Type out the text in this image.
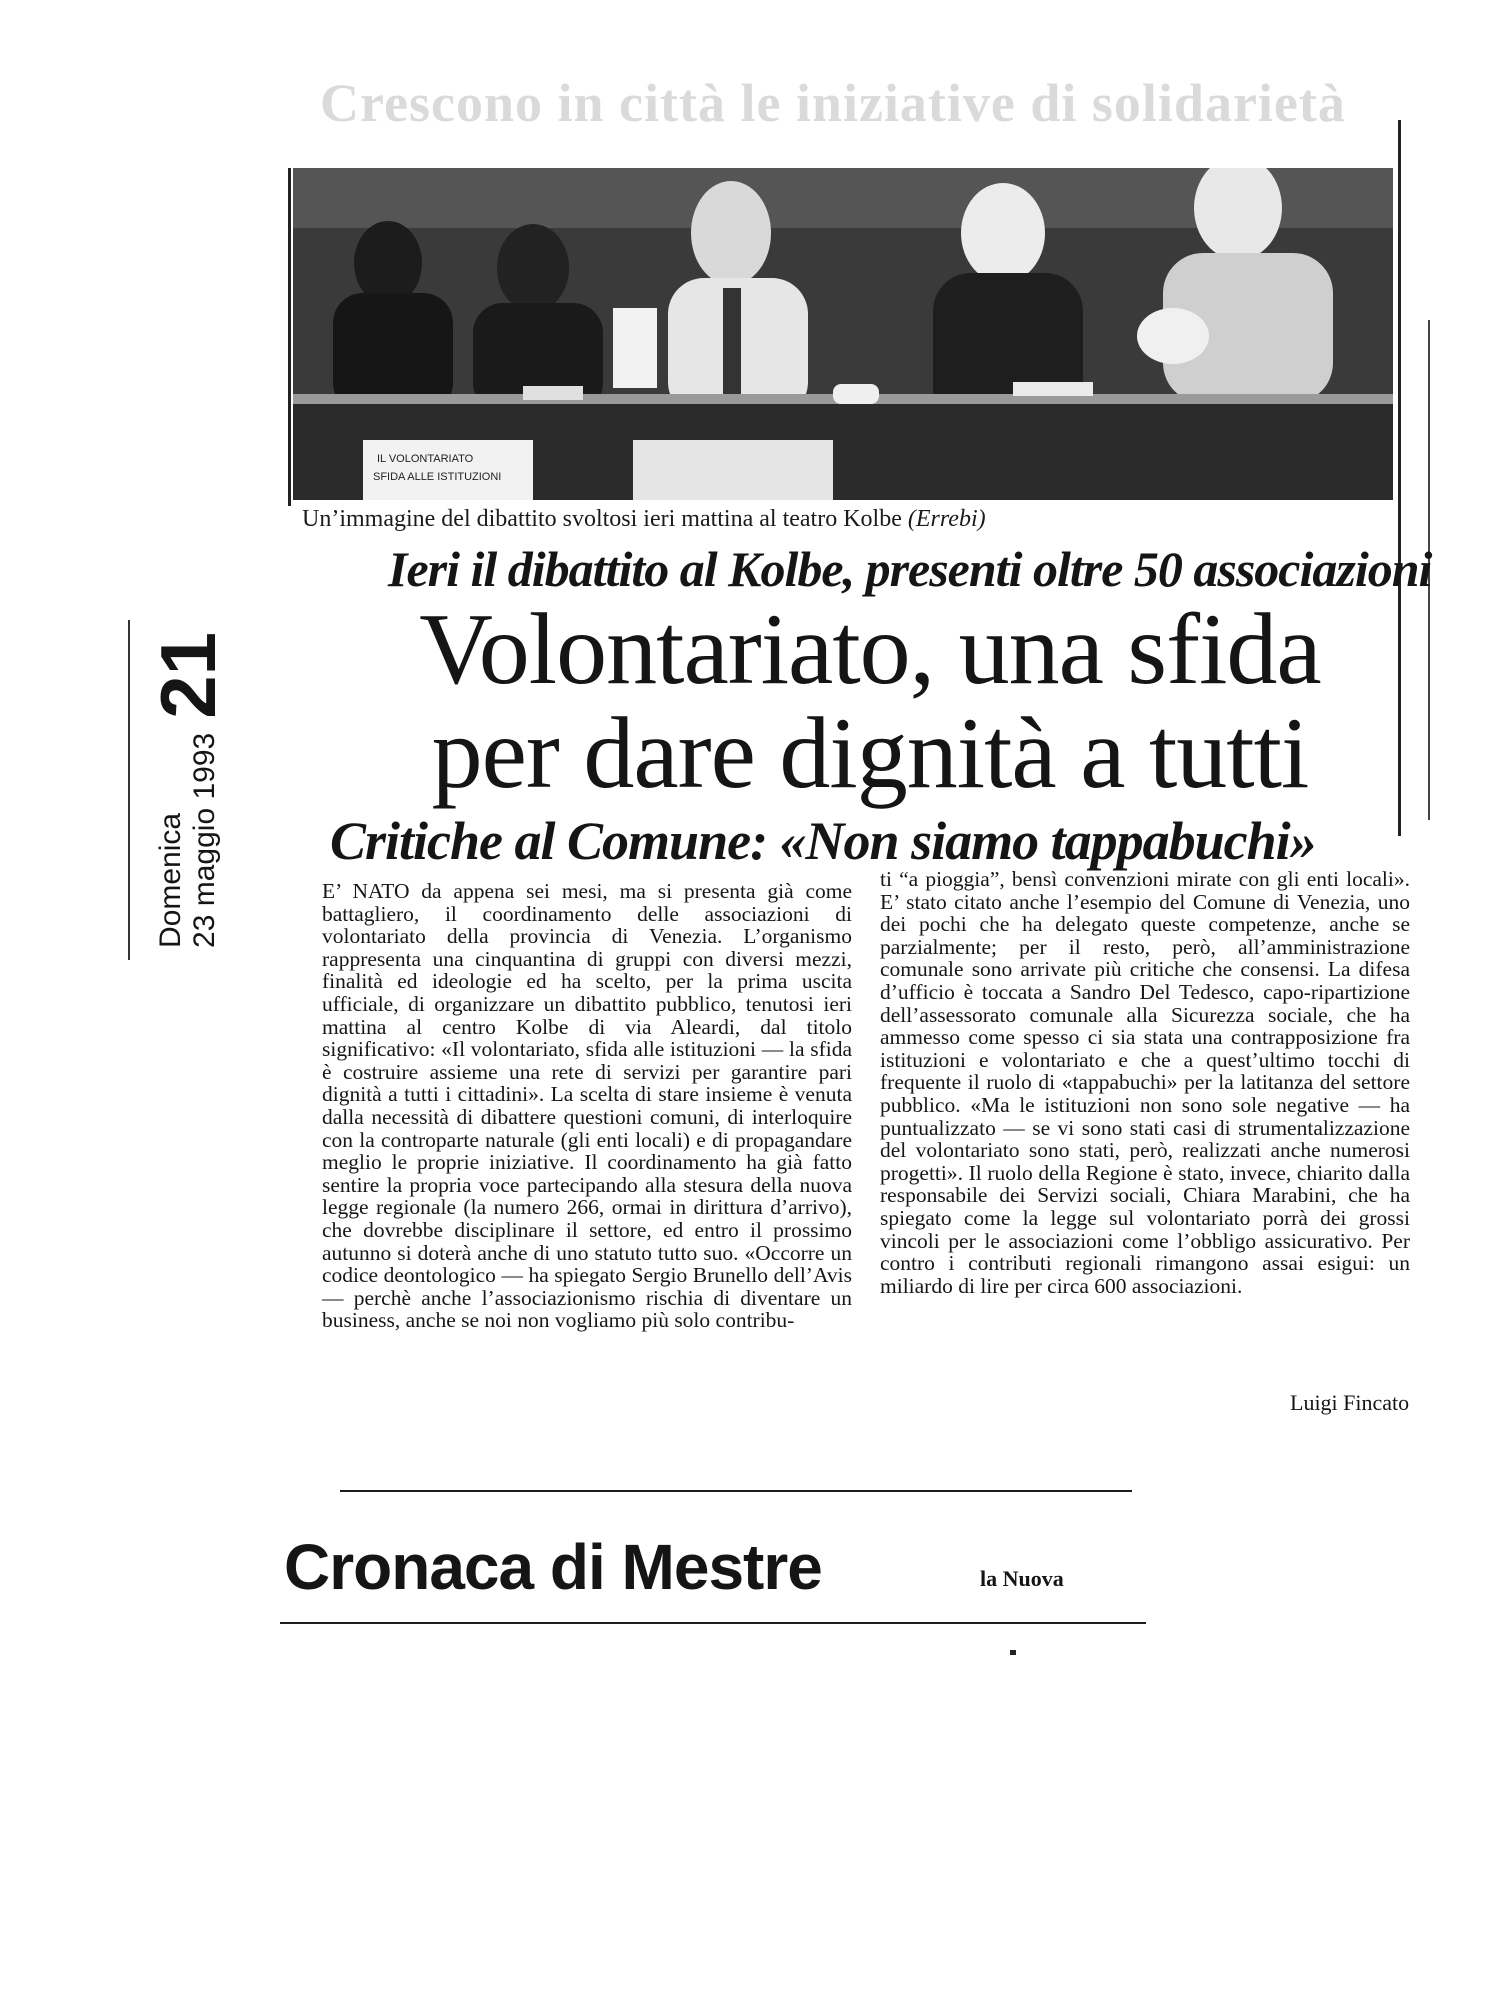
Crescono in città le iniziative di solidarietà
IL VOLONTARIATO
SFIDA ALLE ISTITUZIONI
Un’immagine del dibattito svoltosi ieri mattina al teatro Kolbe (Errebi)
Ieri il dibattito al Kolbe, presenti oltre 50 associazioni
Volontariato, una sfida
per dare dignità a tutti
Critiche al Comune: «Non siamo tappabuchi»
Domenica 23 maggio 1993
21

E’ NATO da appena sei mesi, ma si presenta già come battagliero, il coordinamento delle associazioni di volontariato della provincia di Venezia. L’organismo rappresenta una cinquantina di gruppi con diversi mezzi, finalità ed ideologie ed ha scelto, per la prima uscita ufficiale, di organizzare un dibattito pubblico, tenutosi ieri mattina al centro Kolbe di via Aleardi, dal titolo significativo: «Il volontariato, sfida alle istituzioni — la sfida è costruire assieme una rete di servizi per garantire pari dignità a tutti i cittadini». La scelta di stare insieme è venuta dalla necessità di dibattere questioni comuni, di interloquire con la controparte naturale (gli enti locali) e di propagandare meglio le proprie iniziative. Il coordinamento ha già fatto sentire la propria voce partecipando alla stesura della nuova legge regionale (la numero 266, ormai in dirittura d’arrivo), che dovrebbe disciplinare il settore, ed entro il prossimo autunno si doterà anche di uno statuto tutto suo. «Occorre un codice deontologico — ha spiegato Sergio Brunello dell’Avis — perchè anche l’associazionismo rischia di diventare un business, anche se noi non vogliamo più solo contribu-

ti “a pioggia”, bensì convenzioni mirate con gli enti locali». E’ stato citato anche l’esempio del Comune di Venezia, uno dei pochi che ha delegato queste competenze, anche se parzialmente; per il resto, però, all’amministrazione comunale sono arrivate più critiche che consensi. La difesa d’ufficio è toccata a Sandro Del Tedesco, capo-ripartizione dell’assessorato comunale alla Sicurezza sociale, che ha ammesso come spesso ci sia stata una contrapposizione fra istituzioni e volontariato e che a quest’ultimo tocchi di frequente il ruolo di «tappabuchi» per la latitanza del settore pubblico. «Ma le istituzioni non sono sole negative — ha puntualizzato — se vi sono stati casi di strumentalizzazione del volontariato sono stati, però, realizzati anche numerosi progetti». Il ruolo della Regione è stato, invece, chiarito dalla responsabile dei Servizi sociali, Chiara Marabini, che ha spiegato come la legge sul volontariato porrà dei grossi vincoli per le associazioni come l’obbligo assicurativo. Per contro i contributi regionali rimangono assai esigui: un miliardo di lire per circa 600 associazioni.

Luigi Fincato
Cronaca di Mestre	la Nuova
